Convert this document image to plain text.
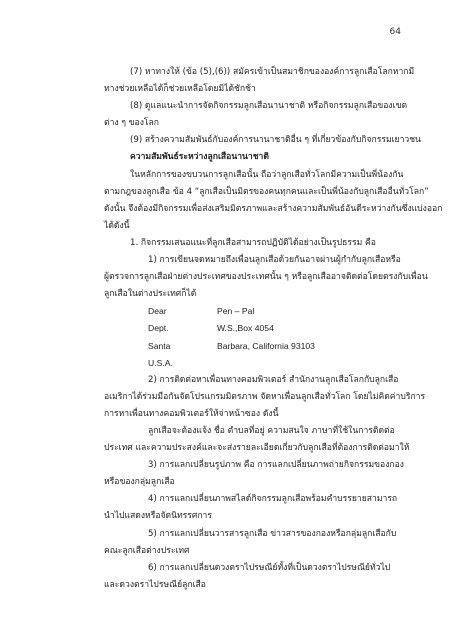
64
(7) หาทางให้ (ข้อ (5),(6)) สมัครเข้าเป็นสมาชิกขององค์การลูกเสือโลกหากมี
ทางช่วยเหลือได้ก็ช่วยเหลือโดยมิได้ชักช้า
(8) ดูแลแนะนำการจัดกิจกรรมลูกเสือนานาชาติ หรือกิจกรรมลูกเสือของเขต
ต่าง ๆ ของโลก
(9) สร้างความสัมพันธ์กับองค์การนานาชาติอื่น ๆ ที่เกี่ยวข้องกับกิจกรรมเยาวชน
ความสัมพันธ์ระหว่างลูกเสือนานาชาติ
ในหลักการของขบวนการลูกเสือนั้น ถือว่าลูกเสือทั่วโลกมีความเป็นพี่น้องกัน
ตามกฎของลูกเสือ ข้อ 4 “ลูกเสือเป็นมิตรของคนทุกคนและเป็นพี่น้องกับลูกเสืออื่นทั่วโลก”
ดังนั้น จึงต้องมีกิจกรรมเพื่อส่งเสริมมิตรภาพและสร้างความสัมพันธ์อันดีระหว่างกันซึ่งแบ่งออก
ได้ดังนี้
1. กิจกรรมเสนอแนะที่ลูกเสือสามารถปฏิบัติได้อย่างเป็นรูปธรรม คือ
1) การเขียนจดหมายถึงเพื่อนลูกเสือด้วยกันอาจผ่านผู้กำกับลูกเสือหรือ
ผู้ตรวจการลูกเสือฝ่ายต่างประเทศของประเทศนั้น ๆ หรือลูกเสืออาจติดต่อโดยตรงกับเพื่อน
ลูกเสือในต่างประเทศก็ได้
Dear	Pen – Pal
Dept.	W.S.,Box 4054
Santa	Barbara, California 93103
U.S.A.
2) การติดต่อหาเพื่อนทางคอมพิวเตอร์ สำนักงานลูกเสือโลกกับลูกเสือ
อเมริกาได้ร่วมมือกันจัดโปรแกรมมิตรภาพ จัดหาเพื่อนลูกเสือทั่วโลก โดยไม่คิดค่าบริการ
การหาเพื่อนทางคอมพิวเตอร์ให้จ่าหน้าซอง ดังนี้
ลูกเสือจะต้องแจ้ง ชื่อ ตำบลที่อยู่ ความสนใจ ภาษาที่ใช้ในการติดต่อ
ประเทศ และความประสงค์และจะส่งรายละเอียดเกี่ยวกับลูกเสือที่ต้องการติดต่อมาให้
3) การแลกเปลี่ยนรูปภาพ คือ การแลกเปลี่ยนภาพถ่ายกิจกรรมของกอง
หรือของกลุ่มลูกเสือ
4) การแลกเปลี่ยนภาพสไลด์กิจกรรมลูกเสือพร้อมคำบรรยายสามารถ
นำไปแสดงหรือจัดนิทรรศการ
5) การแลกเปลี่ยนวารสารลูกเสือ ข่าวสารของกองหรือกลุ่มลูกเสือกับ
คณะลูกเสือต่างประเทศ
6) การแลกเปลี่ยนดวงตราไปรษณีย์ทั้งที่เป็นดวงตราไปรษณีย์ทั่วไป
และดวงตราไปรษณีย์ลูกเสือ
